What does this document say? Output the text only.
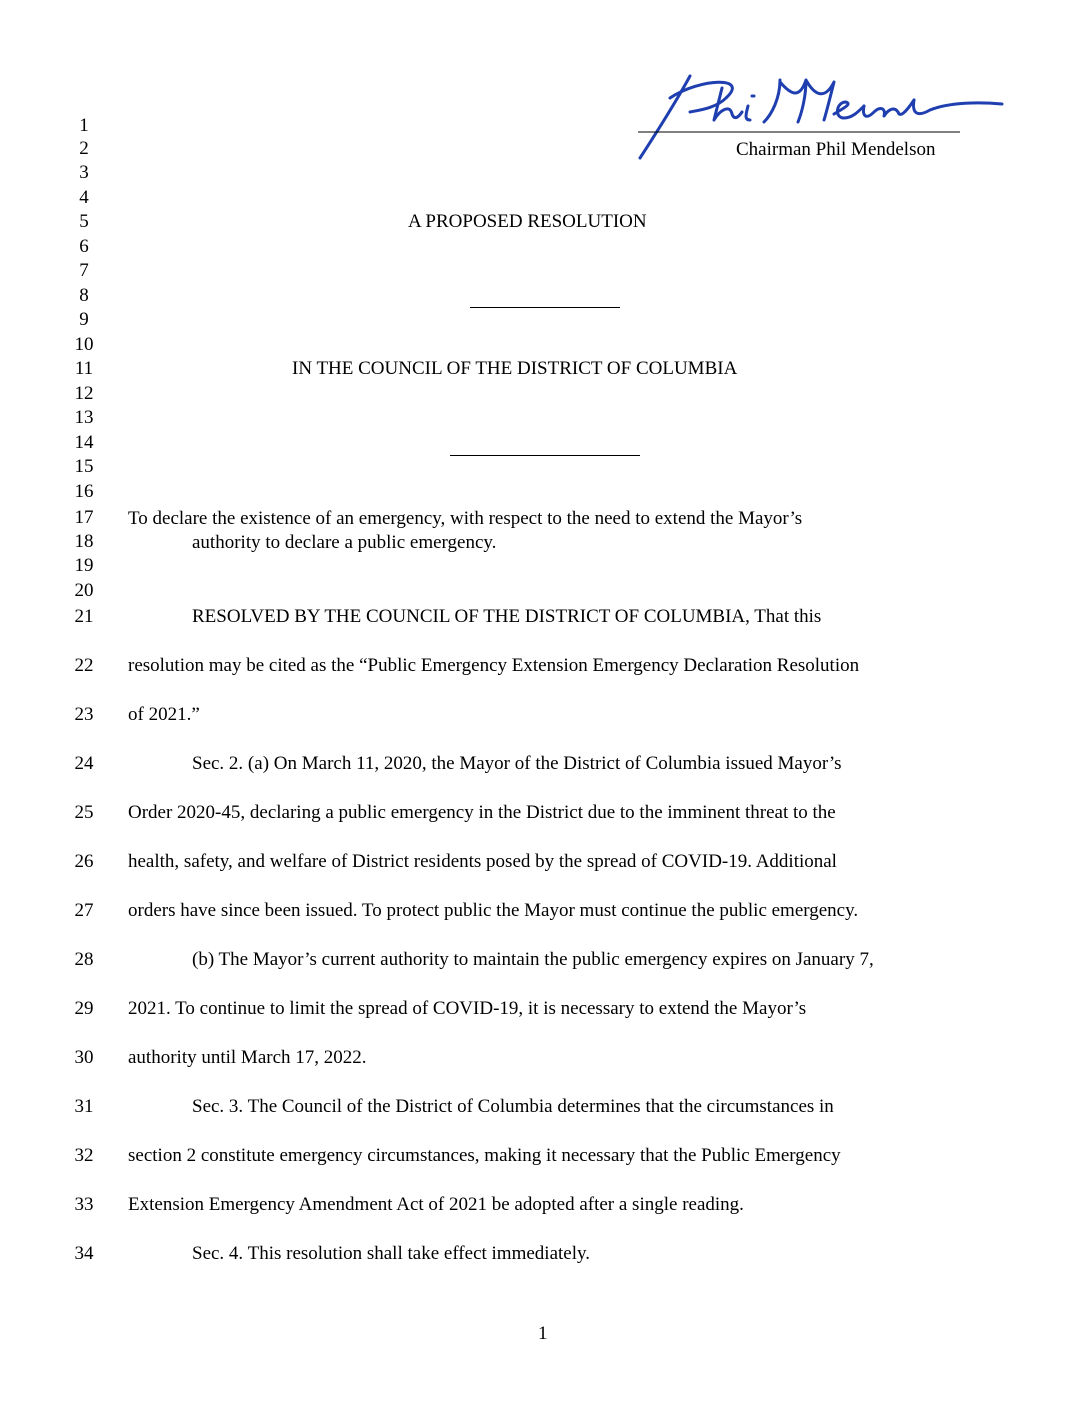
Chairman Phil Mendelson
1
2
3
4
5
6
7
8
9
10
11
12
13
14
15
16
17
18
19
20
21
22
23
24
25
26
27
28
29
30
31
32
33
34
A PROPOSED RESOLUTION
IN THE COUNCIL OF THE DISTRICT OF COLUMBIA
To declare the existence of an emergency, with respect to the need to extend the Mayor’s
authority to declare a public emergency.
RESOLVED BY THE COUNCIL OF THE DISTRICT OF COLUMBIA, That this
resolution may be cited as the “Public Emergency Extension Emergency Declaration Resolution
of 2021.”
Sec. 2. (a) On March 11, 2020, the Mayor of the District of Columbia issued Mayor’s
Order 2020-45, declaring a public emergency in the District due to the imminent threat to the
health, safety, and welfare of District residents posed by the spread of COVID-19. Additional
orders have since been issued. To protect public the Mayor must continue the public emergency.
(b) The Mayor’s current authority to maintain the public emergency expires on January 7,
2021. To continue to limit the spread of COVID-19, it is necessary to extend the Mayor’s
authority until March 17, 2022.
Sec. 3. The Council of the District of Columbia determines that the circumstances in
section 2 constitute emergency circumstances, making it necessary that the Public Emergency
Extension Emergency Amendment Act of 2021 be adopted after a single reading.
Sec. 4. This resolution shall take effect immediately.
1
